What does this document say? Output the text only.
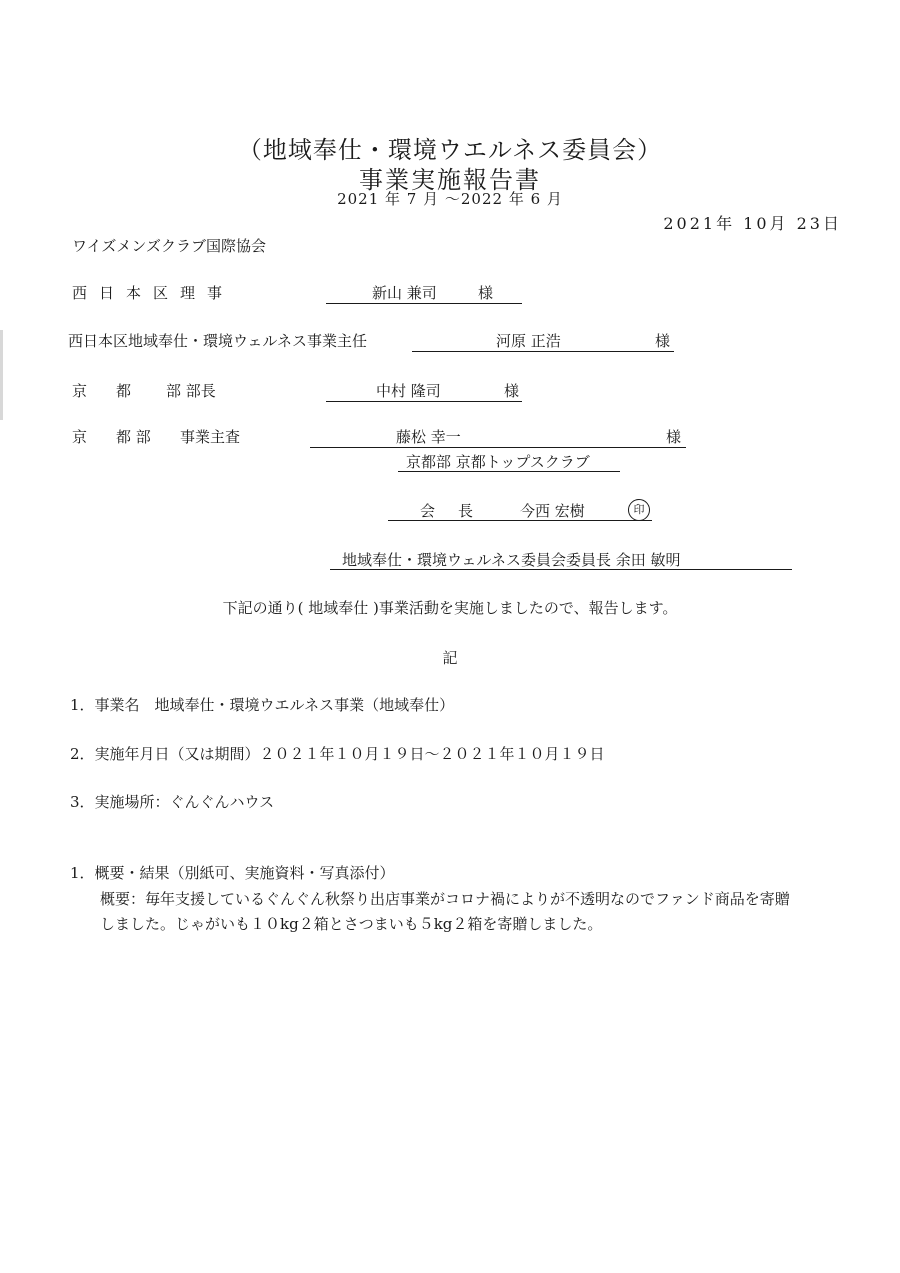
（地域奉仕・環境ウエルネス委員会）
事業実施報告書
2021 年 7 月 ～2022 年 6 月
2021年 10月 23日
ワイズメンズクラブ国際協会
西日本区理事	新山 兼司	様
西日本区地域奉仕・環境ウェルネス事業主任	河原 正浩	様
京 都 部 部長	中村 隆司	様
京 都 部 事業主査	藤松 幸一	様
京都部 京都トップスクラブ
会　長	今西 宏樹	印
地域奉仕・環境ウェルネス委員会委員長 余田 敏明
下記の通り( 地域奉仕 )事業活動を実施しましたので、報告します。
記
1．事業名　地域奉仕・環境ウエルネス事業（地域奉仕）
2．実施年月日（又は期間）２０２１年１０月１９日～２０２１年１０月１９日
3．実施場所：ぐんぐんハウス
1．概要・結果（別紙可、実施資料・写真添付）
概要：毎年支援しているぐんぐん秋祭り出店事業がコロナ禍によりが不透明なのでファンド商品を寄贈
しました。じゃがいも１０kg２箱とさつまいも５kg２箱を寄贈しました。
